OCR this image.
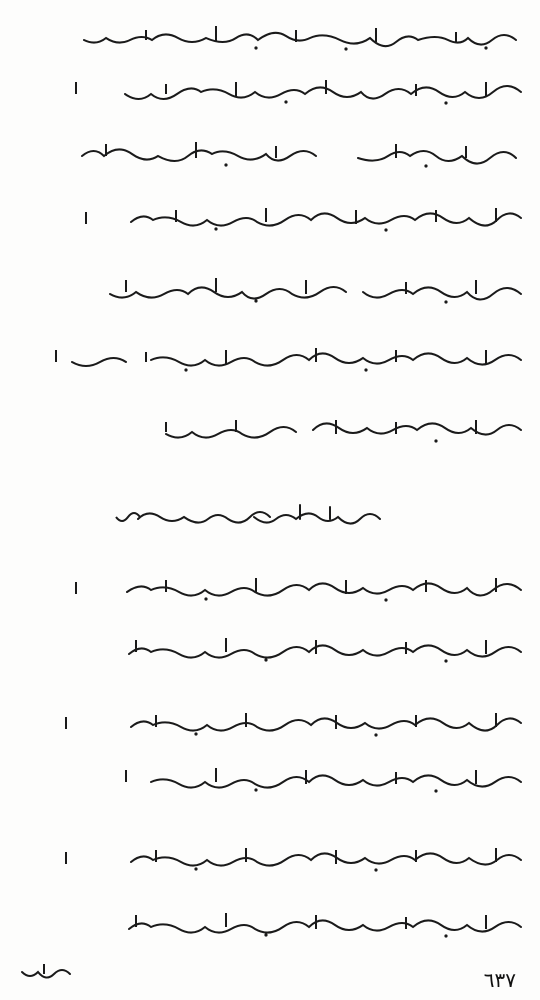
٦٣٧
